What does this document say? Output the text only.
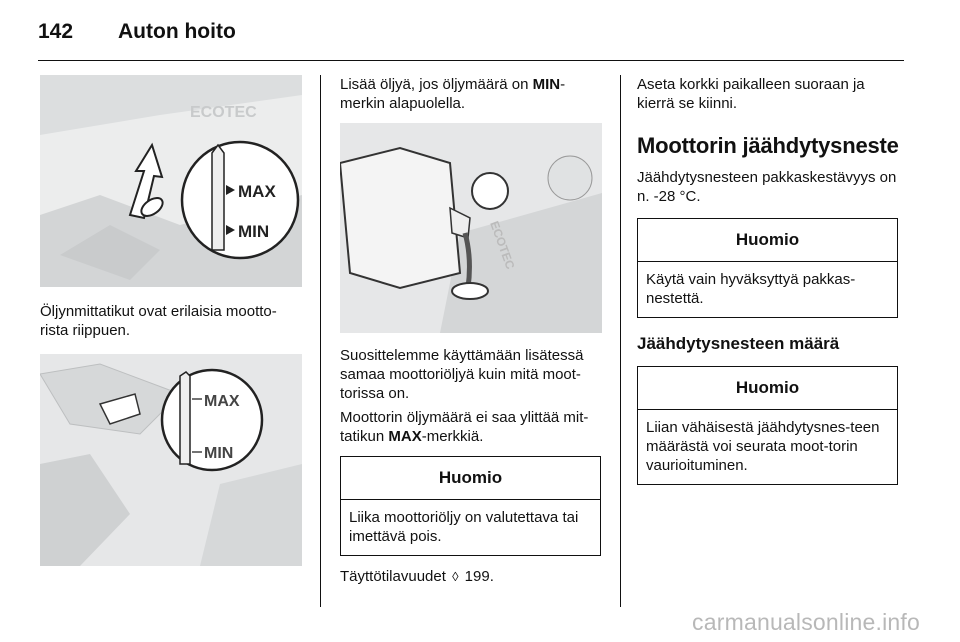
142 Auton hoito
ECOTEC
MAX
MIN

Öljynmittatikut ovat erilaisia mootto-rista riippuen.

MAX
MIN

Lisää öljyä, jos öljymäärä on MIN-merkin alapuolella.

ECOTEC

Suosittelemme käyttämään lisätessä samaa moottoriöljyä kuin mitä moot-torissa on.

Moottorin öljymäärä ei saa ylittää mit-tatikun MAX-merkkiä.

Huomio
Liika moottoriöljy on valutettava tai imettävä pois.

Täyttötilavuudet ◊ 199.

Aseta korkki paikalleen suoraan ja kierrä se kiinni.

Moottorin jäähdytysneste

Jäähdytysnesteen pakkaskestävyys on n. -28 °C.

Huomio
Käytä vain hyväksyttyä pakkas-nestettä.

Jäähdytysnesteen määrä

Huomio
Liian vähäisestä jäähdytysnes-teen määrästä voi seurata moot-torin vaurioituminen.
carmanualsonline.info
